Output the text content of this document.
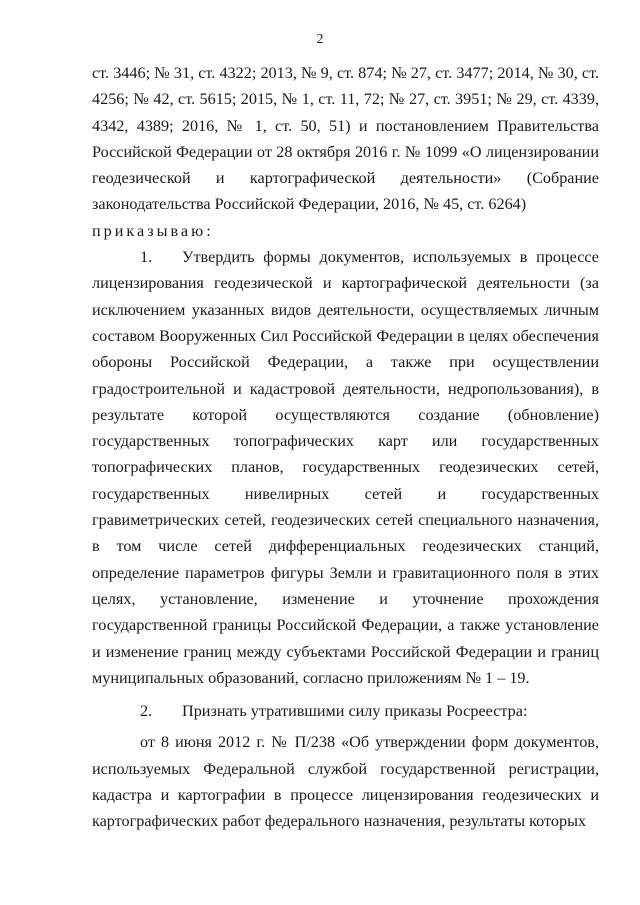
2

ст. 3446; № 31, ст. 4322; 2013, № 9, ст. 874; № 27, ст. 3477; 2014, № 30, ст. 4256; № 42, ст. 5615; 2015, № 1, ст. 11, 72; № 27, ст. 3951; № 29, ст. 4339, 4342, 4389; 2016, № 1, ст. 50, 51) и постановлением Правительства Российской Федерации от 28 октября 2016 г. № 1099 «О лицензировании геодезической и картографической деятельности» (Собрание законодательства Российской Федерации, 2016, № 45, ст. 6264)

приказываю:

1. Утвердить формы документов, используемых в процессе лицензирования геодезической и картографической деятельности (за исключением указанных видов деятельности, осуществляемых личным составом Вооруженных Сил Российской Федерации в целях обеспечения обороны Российской Федерации, а также при осуществлении градостроительной и кадастровой деятельности, недропользования), в результате которой осуществляются создание (обновление) государственных топографических карт или государственных топографических планов, государственных геодезических сетей, государственных нивелирных сетей и государственных гравиметрических сетей, геодезических сетей специального назначения, в том числе сетей дифференциальных геодезических станций, определение параметров фигуры Земли и гравитационного поля в этих целях, установление, изменение и уточнение прохождения государственной границы Российской Федерации, а также установление и изменение границ между субъектами Российской Федерации и границ муниципальных образований, согласно приложениям № 1 – 19.

2. Признать утратившими силу приказы Росреестра:

от 8 июня 2012 г. № П/238 «Об утверждении форм документов, используемых Федеральной службой государственной регистрации, кадастра и картографии в процессе лицензирования геодезических и картографических работ федерального назначения, результаты которых
